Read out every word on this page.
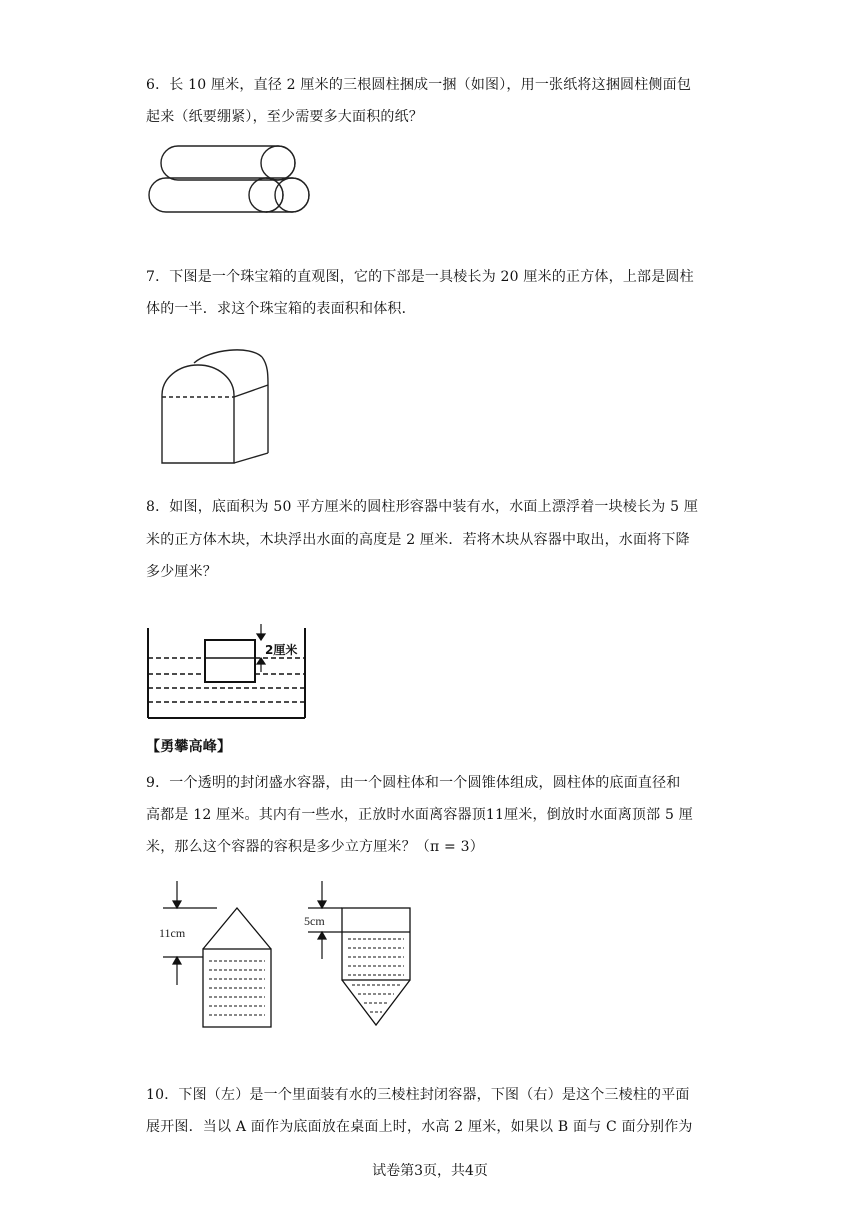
6．长 10 厘米，直径 2 厘米的三根圆柱捆成一捆（如图），用一张纸将这捆圆柱侧面包
起来（纸要绷紧），至少需要多大面积的纸？
7．下图是一个珠宝箱的直观图，它的下部是一具棱长为 20 厘米的正方体，上部是圆柱
体的一半．求这个珠宝箱的表面积和体积．
8．如图，底面积为 50 平方厘米的圆柱形容器中装有水，水面上漂浮着一块棱长为 5 厘
米的正方体木块，木块浮出水面的高度是 2 厘米．若将木块从容器中取出，水面将下降
多少厘米？
2厘米
【勇攀高峰】
9．一个透明的封闭盛水容器，由一个圆柱体和一个圆锥体组成，圆柱体的底面直径和
高都是 12 厘米。其内有一些水，正放时水面离容器顶11厘米，倒放时水面离顶部 5 厘
米，那么这个容器的容积是多少立方厘米？（π = 3）
11cm
5cm
10．下图（左）是一个里面装有水的三棱柱封闭容器，下图（右）是这个三棱柱的平面
展开图．当以 A 面作为底面放在桌面上时，水高 2 厘米，如果以 B 面与 C 面分别作为
试卷第3页，共4页
